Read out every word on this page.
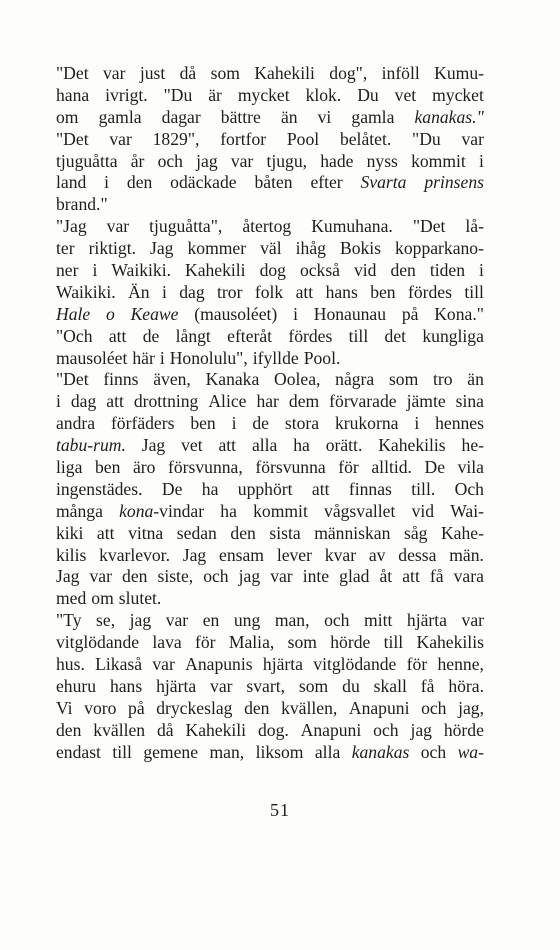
"Det var just då som Kahekili dog", inföll Kumu-
hana ivrigt. "Du är mycket klok. Du vet mycket
om gamla dagar bättre än vi gamla kanakas."
"Det var 1829", fortfor Pool belåtet. "Du var
tjuguåtta år och jag var tjugu, hade nyss kommit i
land i den odäckade båten efter Svarta prinsens
brand."
"Jag var tjuguåtta", återtog Kumuhana. "Det lå-
ter riktigt. Jag kommer väl ihåg Bokis kopparkano-
ner i Waikiki. Kahekili dog också vid den tiden i
Waikiki. Än i dag tror folk att hans ben fördes till
Hale o Keawe (mausoléet) i Honaunau på Kona."
"Och att de långt efteråt fördes till det kungliga
mausoléet här i Honolulu", ifyllde Pool.
"Det finns även, Kanaka Oolea, några som tro än
i dag att drottning Alice har dem förvarade jämte sina
andra förfäders ben i de stora krukorna i hennes
tabu-rum. Jag vet att alla ha orätt. Kahekilis he-
liga ben äro försvunna, försvunna för alltid. De vila
ingenstädes. De ha upphört att finnas till. Och
många kona-vindar ha kommit vågsvallet vid Wai-
kiki att vitna sedan den sista människan såg Kahe-
kilis kvarlevor. Jag ensam lever kvar av dessa män.
Jag var den siste, och jag var inte glad åt att få vara
med om slutet.
"Ty se, jag var en ung man, och mitt hjärta var
vitglödande lava för Malia, som hörde till Kahekilis
hus. Likaså var Anapunis hjärta vitglödande för henne,
ehuru hans hjärta var svart, som du skall få höra.
Vi voro på dryckeslag den kvällen, Anapuni och jag,
den kvällen då Kahekili dog. Anapuni och jag hörde
endast till gemene man, liksom alla kanakas och wa-
51
